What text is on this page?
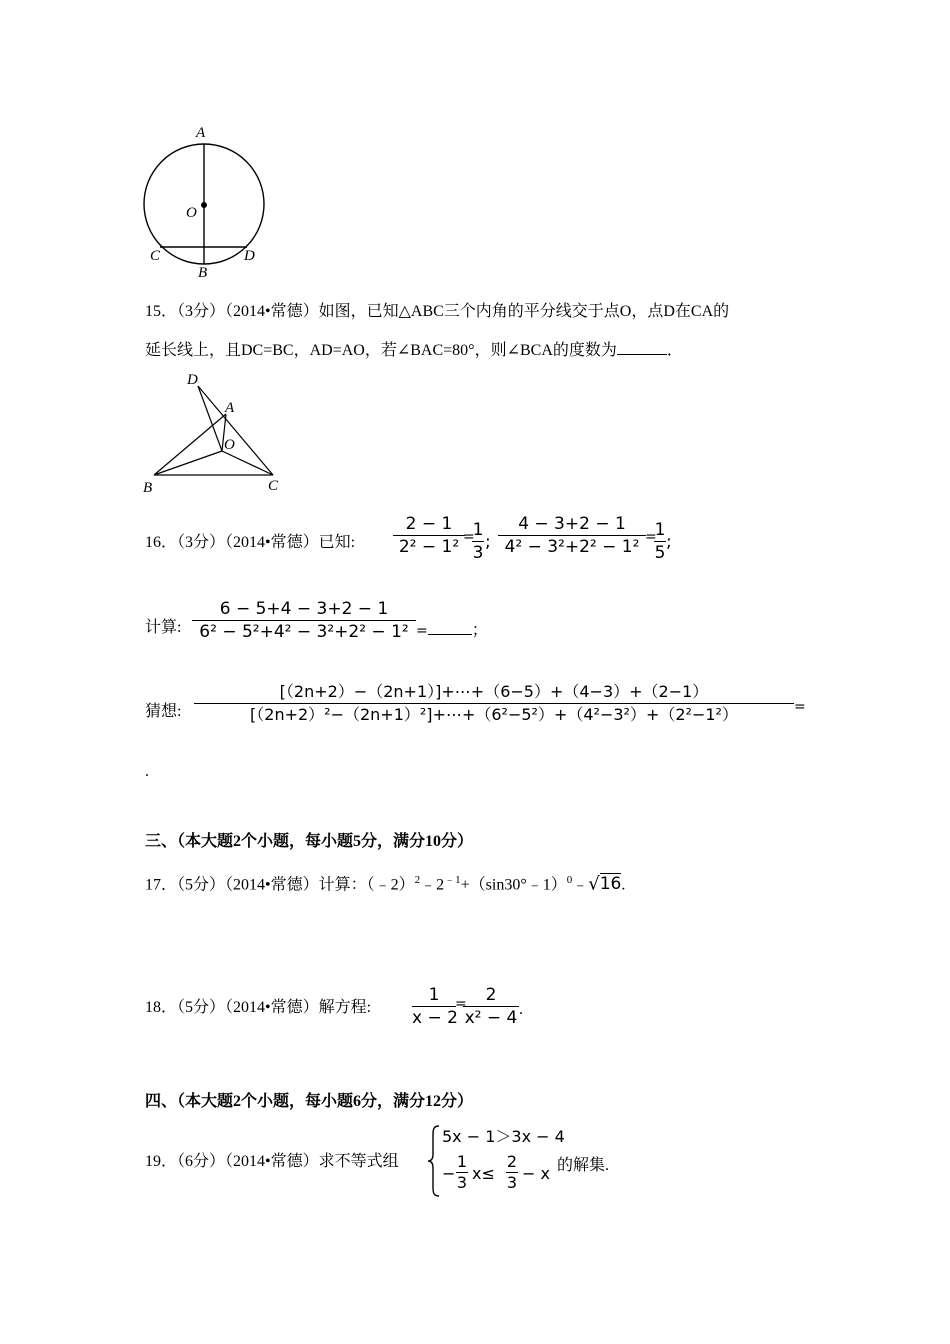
A
O
C
B
D
15．（3分）（2014•常德）如图，已知△ABC三个内角的平分线交于点O，点D在CA的
延长线上，且DC=BC，AD=AO，若∠BAC=80°，则∠BCA的度数为	．
D
A
O
B	C
16．（3分）（2014•常德）已知:
2 − 1
2² − 1² =
1
3
;
4 − 3+2 − 1
4² − 3²+2² − 1² =
1
5
;
计算:
6 − 5+4 − 3+2 − 1
6² − 5²+4² − 3²+2² − 1² =	；
猜想:
[（2n+2）−（2n+1）]+⋯+（6−5）+（4−3）+（2−1）
[（2n+2）²−（2n+1）²]+⋯+（6²−5²）+（4²−3²）+（2²−1²）	=
.
三、（本大题2个小题，每小题5分，满分10分）
17．（5分）（2014•常德）计算：$(﹣2)^2﹣2^{﹣1}+(\sin 30^\circ﹣1)^0﹣√16$.
18．（5分）（2014•常德）解方程:
1
x − 2
=	2
x² − 4 .
四、（本大题2个小题，每小题6分，满分12分）
19．（6分）（2014•常德）求不等式组
5x − 1＞3x − 4
−
1
3 x≤
2
3 − x 的解集.
